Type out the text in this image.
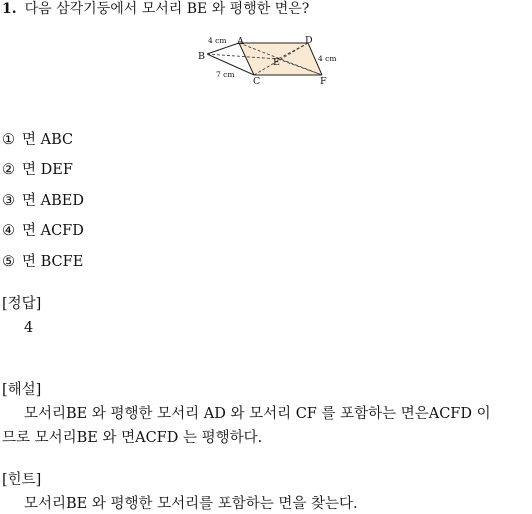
1. 다음 삼각기둥에서 모서리 BE 와 평행한 면은?
A
B
C
D
E
F
4 cm
7 cm
4 cm
① 면 ABC
② 면 DEF
③ 면 ABED
④ 면 ACFD
⑤ 면 BCFE
[정답]
4
[해설]
모서리BE 와 평행한 모서리 AD 와 모서리 CF 를 포함하는 면은ACFD 이
므로 모서리BE 와 면ACFD 는 평행하다.
[힌트]
모서리BE 와 평행한 모서리를 포함하는 면을 찾는다.
